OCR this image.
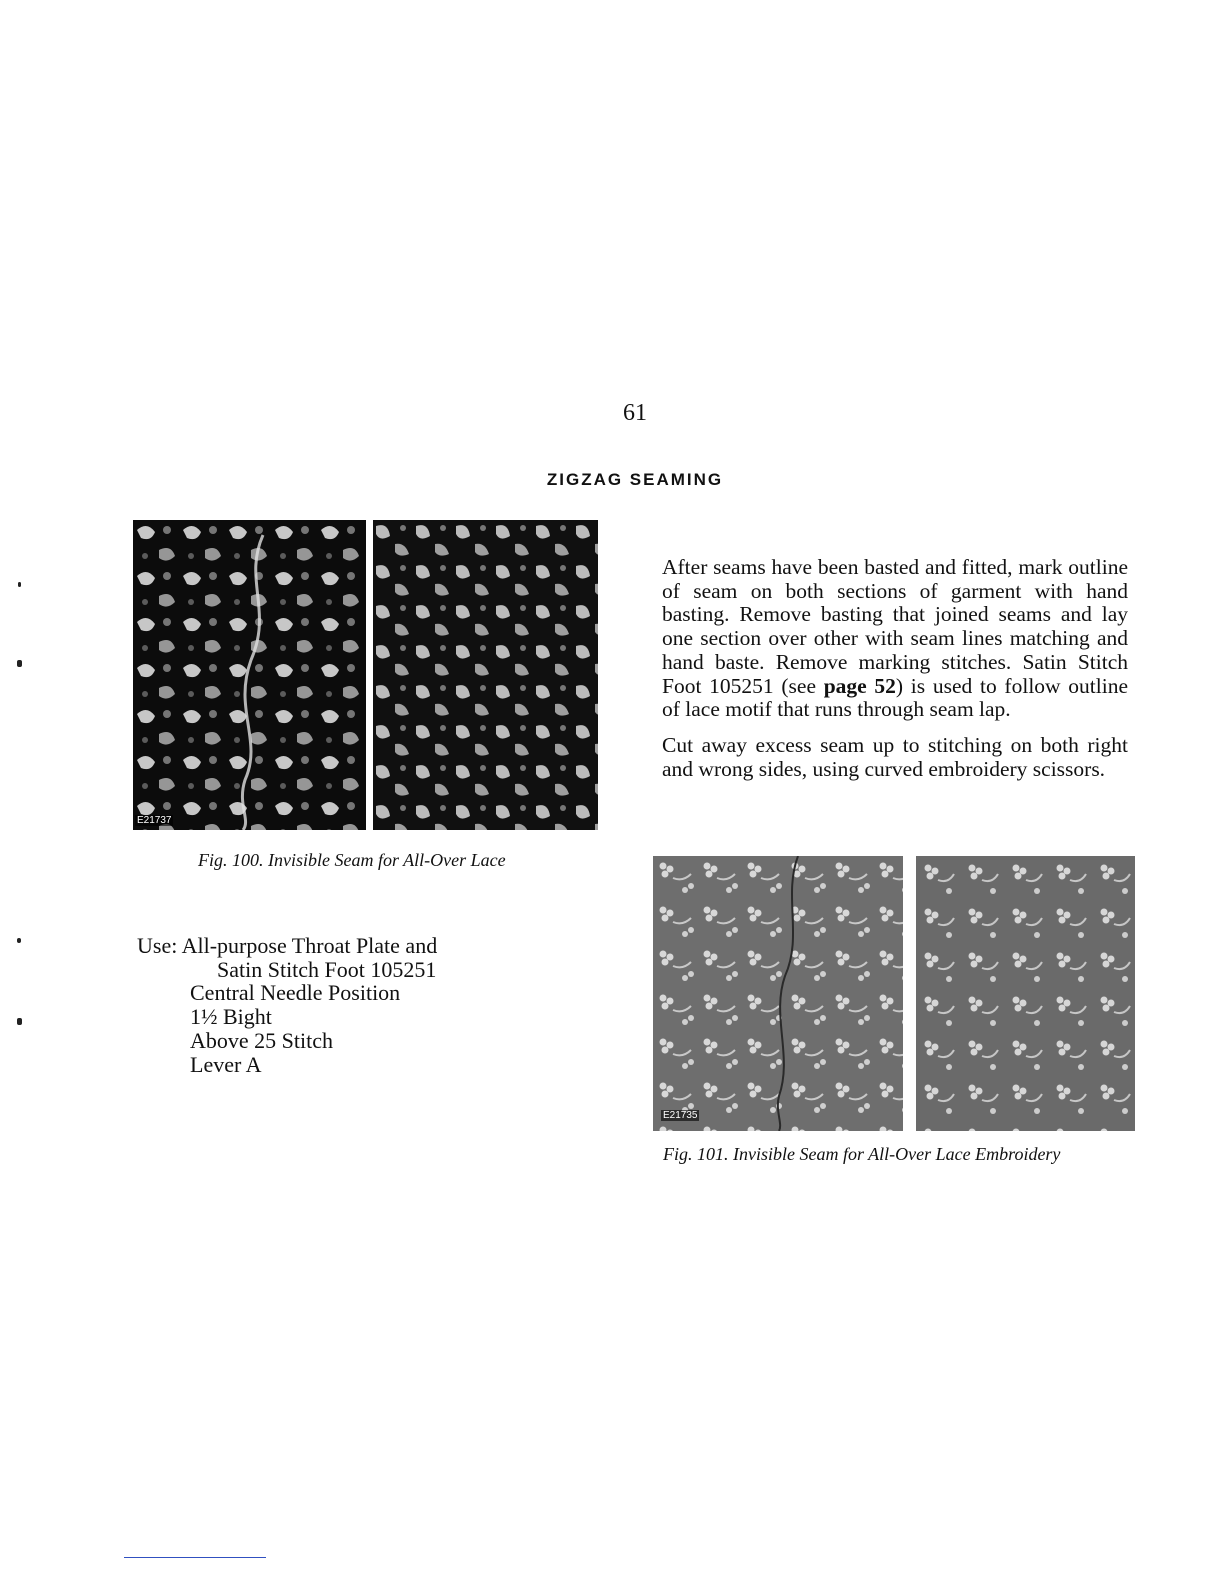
61
ZIGZAG SEAMING
E21737
Fig. 100. Invisible Seam for All-Over Lace
E21735
Fig. 101. Invisible Seam for All-Over Lace Embroidery

After seams have been basted and fitted, mark outline of seam on both sections of garment with hand basting. Remove basting that joined seams and lay one section over other with seam lines matching and hand baste. Remove marking stitches. Satin Stitch Foot 105251 (see page 52) is used to follow outline of lace motif that runs through seam lap.

Cut away excess seam up to stitching on both right and wrong sides, using curved embroidery scissors.

Use: All-purpose Throat Plate and
Satin Stitch Foot 105251
Central Needle Position
1½ Bight
Above 25 Stitch
Lever A
